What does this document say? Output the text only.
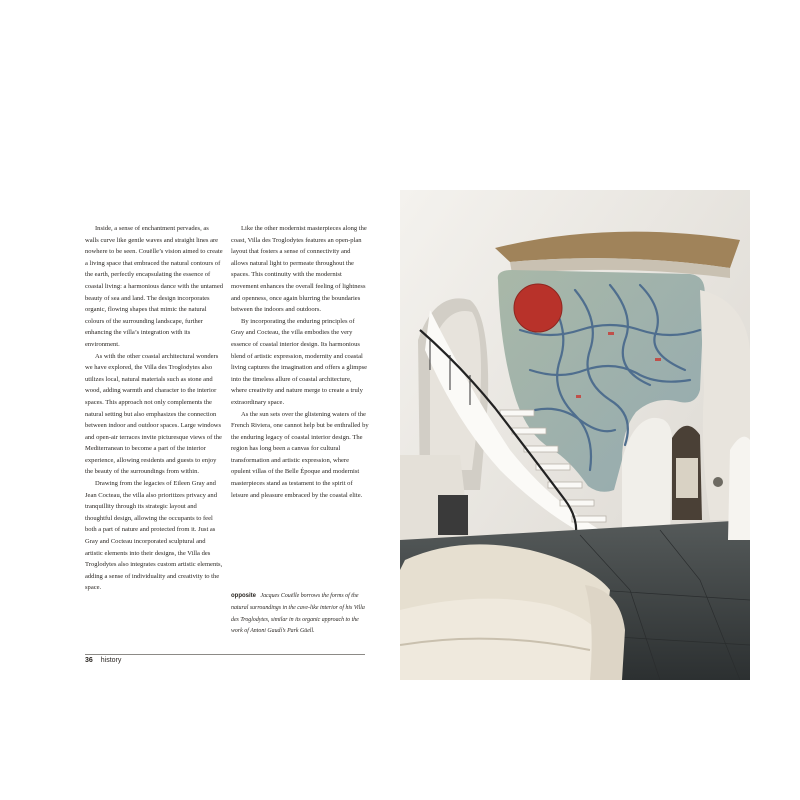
Inside, a sense of enchantment pervades, as walls curve like gentle waves and straight lines are nowhere to be seen. Couëlle’s vision aimed to create a living space that embraced the natural contours of the earth, perfectly encapsulating the essence of coastal living: a harmonious dance with the untamed beauty of sea and land. The design incorporates organic, flowing shapes that mimic the natural colours of the surrounding landscape, further enhancing the villa’s integration with its environment.

As with the other coastal architectural wonders we have explored, the Villa des Troglodytes also utilizes local, natural materials such as stone and wood, adding warmth and character to the interior spaces. This approach not only complements the natural setting but also emphasizes the connection between indoor and outdoor spaces. Large windows and open-air terraces invite picturesque views of the Mediterranean to become a part of the interior experience, allowing residents and guests to enjoy the beauty of the surroundings from within.

Drawing from the legacies of Eileen Gray and Jean Cocteau, the villa also prioritizes privacy and tranquillity through its strategic layout and thoughtful design, allowing the occupants to feel both a part of nature and protected from it. Just as Gray and Cocteau incorporated sculptural and artistic elements into their designs, the Villa des Troglodytes also integrates custom artistic elements, adding a sense of individuality and creativity to the space.

Like the other modernist masterpieces along the coast, Villa des Troglodytes features an open-plan layout that fosters a sense of connectivity and allows natural light to permeate throughout the spaces. This continuity with the modernist movement enhances the overall feeling of lightness and openness, once again blurring the boundaries between the indoors and outdoors.

By incorporating the enduring principles of Gray and Cocteau, the villa embodies the very essence of coastal interior design. Its harmonious blend of artistic expression, modernity and coastal living captures the imagination and offers a glimpse into the timeless allure of coastal architecture, where creativity and nature merge to create a truly extraordinary space.

As the sun sets over the glistening waters of the French Riviera, one cannot help but be enthralled by the enduring legacy of coastal interior design. The region has long been a canvas for cultural transformation and artistic expression, where opulent villas of the Belle Époque and modernist masterpieces stand as testament to the spirit of leisure and pleasure embraced by the coastal elite.

opposite Jacques Couëlle borrows the forms of the natural surroundings in the cave-like interior of his Villa des Troglodytes, similar in its organic approach to the work of Antoni Gaudí’s Park Güell.
36 history
